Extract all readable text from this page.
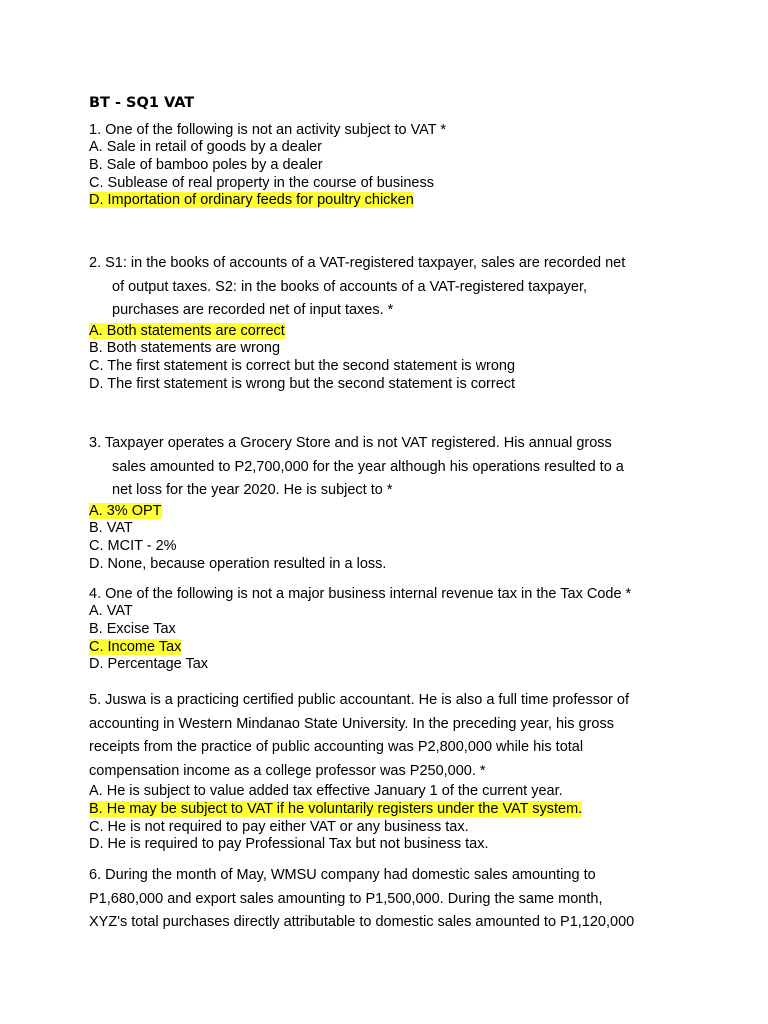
BT - SQ1 VAT
1. One of the following is not an activity subject to VAT *
A. Sale in retail of goods by a dealer
B. Sale of bamboo poles by a dealer
C. Sublease of real property in the course of business
D. Importation of ordinary feeds for poultry chicken
2. S1: in the books of accounts of a VAT-registered taxpayer, sales are recorded net
of output taxes. S2: in the books of accounts of a VAT-registered taxpayer,
purchases are recorded net of input taxes. *
A. Both statements are correct
B. Both statements are wrong
C. The first statement is correct but the second statement is wrong
D. The first statement is wrong but the second statement is correct
3. Taxpayer operates a Grocery Store and is not VAT registered. His annual gross
sales amounted to P2,700,000 for the year although his operations resulted to a
net loss for the year 2020. He is subject to *
A. 3% OPT
B. VAT
C. MCIT - 2%
D. None, because operation resulted in a loss.
4. One of the following is not a major business internal revenue tax in the Tax Code *
A. VAT
B. Excise Tax
C. Income Tax
D. Percentage Tax
5. Juswa is a practicing certified public accountant. He is also a full time professor of
accounting in Western Mindanao State University. In the preceding year, his gross
receipts from the practice of public accounting was P2,800,000 while his total
compensation income as a college professor was P250,000. *
A. He is subject to value added tax effective January 1 of the current year.
B. He may be subject to VAT if he voluntarily registers under the VAT system.
C. He is not required to pay either VAT or any business tax.
D. He is required to pay Professional Tax but not business tax.
6. During the month of May, WMSU company had domestic sales amounting to
P1,680,000 and export sales amounting to P1,500,000. During the same month,
XYZ's total purchases directly attributable to domestic sales amounted to P1,120,000
